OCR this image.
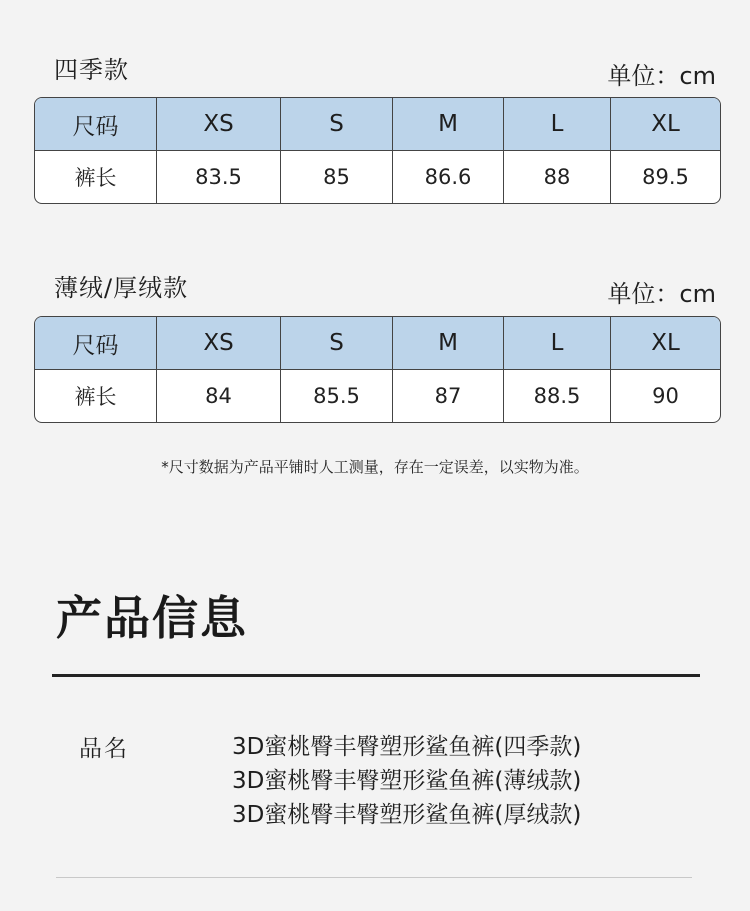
四季款	单位：cm
尺码	XS	S	M	L	XL
裤长	83.5	85	86.6	88	89.5
薄绒/厚绒款	单位：cm
尺码	XS	S	M	L	XL
裤长	84	85.5	87	88.5	90
*尺寸数据为产品平铺时人工测量，存在一定误差，以实物为准。
产品信息
品名	3D蜜桃臀丰臀塑形鲨鱼裤(四季款)
3D蜜桃臀丰臀塑形鲨鱼裤(薄绒款)
3D蜜桃臀丰臀塑形鲨鱼裤(厚绒款)
